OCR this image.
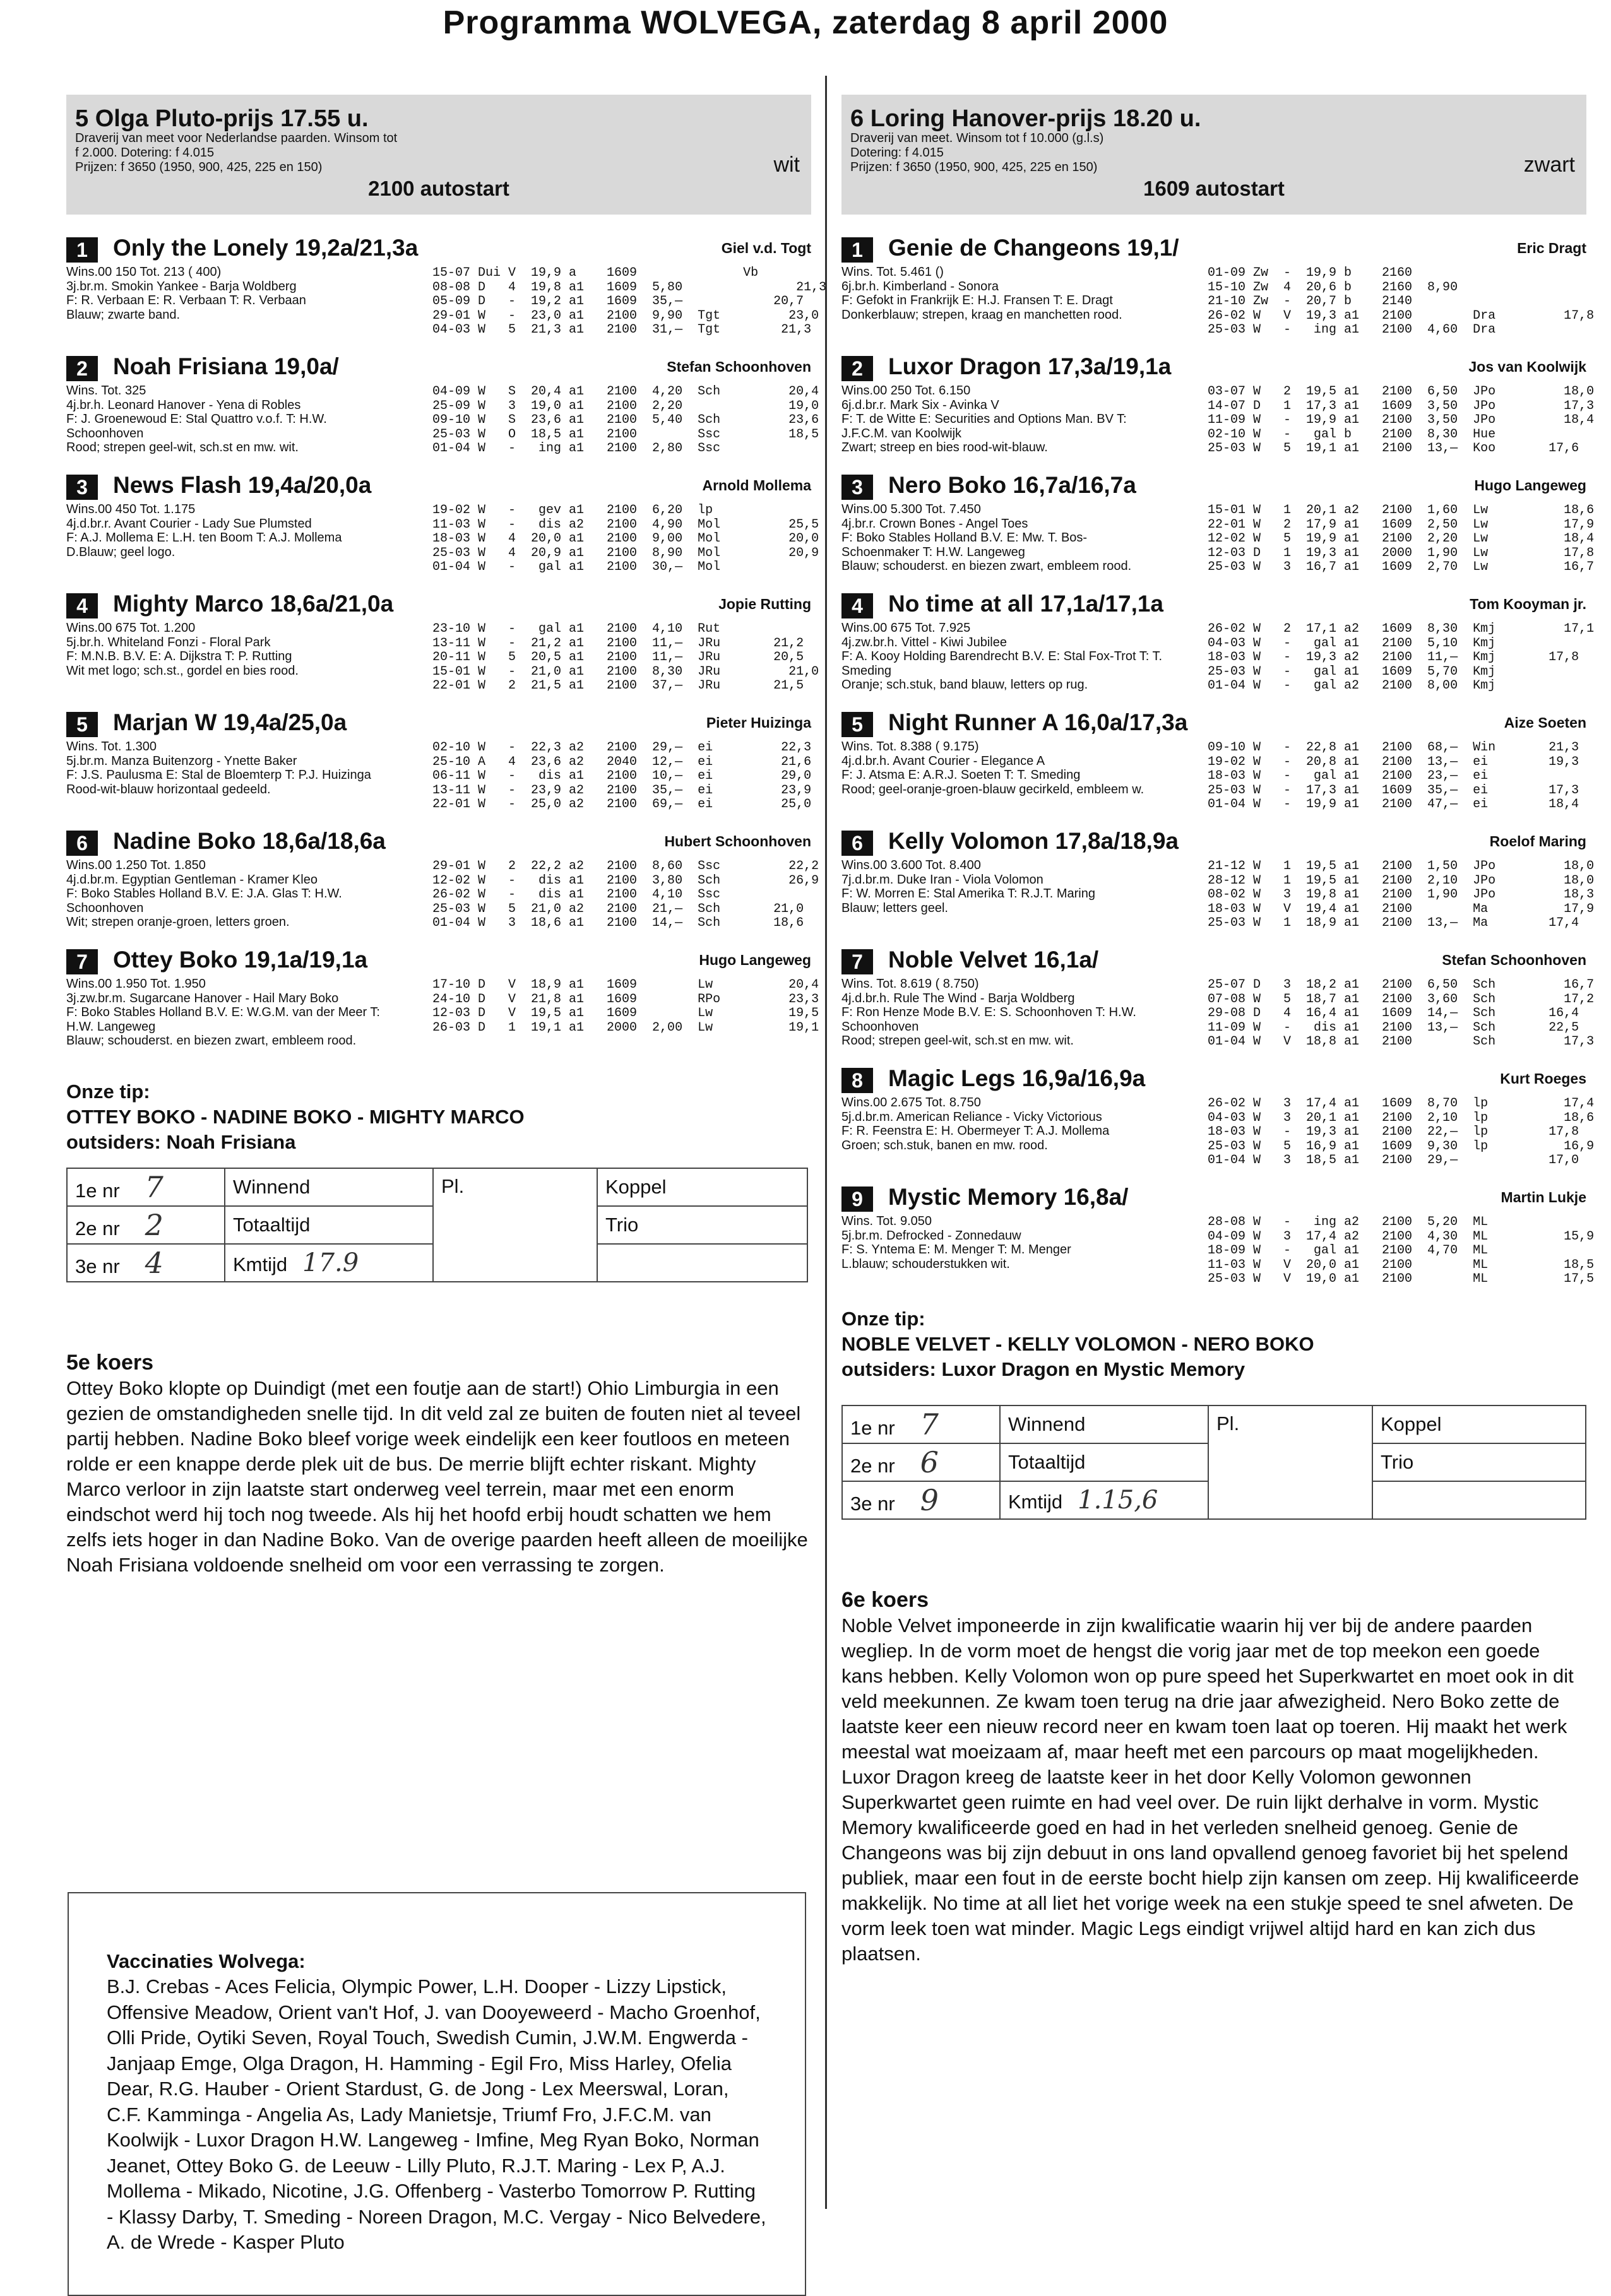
Programma WOLVEGA, zaterdag 8 april 2000
5 Olga Pluto-prijs 17.55 u.
Draverij van meet voor Nederlandse paarden. Winsom tot
f 2.000. Dotering: f 4.015
Prijzen: f 3650 (1950, 900, 425, 225 en 150)	wit
2100 autostart
1	Only the Lonely 19,2a/21,3a	Giel v.d. Togt
Wins.00 150 Tot. 213 ( 400)
3j.br.m. Smokin Yankee - Barja Woldberg
F: R. Verbaan E: R. Verbaan T: R. Verbaan
Blauw; zwarte band.
15-07 Dui V  19,9 a    1609              Vb
08-08 D   4  19,8 a1   1609  5,80               21,3
05-09 D   -  19,2 a1   1609  35,—            20,7
29-01 W   -  23,0 a1   2100  9,90  Tgt         23,0
04-03 W   5  21,3 a1   2100  31,—  Tgt        21,3
2	Noah Frisiana 19,0a/	Stefan Schoonhoven
Wins. Tot. 325
4j.br.h. Leonard Hanover - Yena di Robles
F: J. Groenewoud E: Stal Quattro v.o.f. T: H.W.
Schoonhoven
Rood; strepen geel-wit, sch.st en mw. wit.
04-09 W   S  20,4 a1   2100  4,20  Sch         20,4
25-09 W   3  19,0 a1   2100  2,20              19,0
09-10 W   S  23,6 a1   2100  5,40  Sch         23,6
25-03 W   O  18,5 a1   2100        Ssc         18,5
01-04 W   -   ing a1   2100  2,80  Ssc
3	News Flash 19,4a/20,0a	Arnold Mollema
Wins.00 450 Tot. 1.175
4j.d.br.r. Avant Courier - Lady Sue Plumsted
F: A.J. Mollema E: L.H. ten Boom T: A.J. Mollema
D.Blauw; geel logo.
19-02 W   -   gev a1   2100  6,20  lp
11-03 W   -   dis a2   2100  4,90  Mol         25,5
18-03 W   4  20,0 a1   2100  9,00  Mol         20,0
25-03 W   4  20,9 a1   2100  8,90  Mol         20,9
01-04 W   -   gal a1   2100  30,—  Mol
4	Mighty Marco 18,6a/21,0a	Jopie Rutting
Wins.00 675 Tot. 1.200
5j.br.h. Whiteland Fonzi - Floral Park
F: M.N.B. B.V. E: A. Dijkstra T: P. Rutting
Wit met logo; sch.st., gordel en bies rood.
23-10 W   -   gal a1   2100  4,10  Rut
13-11 W   -  21,2 a1   2100  11,—  JRu       21,2
20-11 W   5  20,5 a1   2100  11,—  JRu       20,5
15-01 W   -  21,0 a1   2100  8,30  JRu         21,0
22-01 W   2  21,5 a1   2100  37,—  JRu       21,5
5	Marjan W 19,4a/25,0a	Pieter Huizinga
Wins. Tot. 1.300
5j.br.m. Manza Buitenzorg - Ynette Baker
F: J.S. Paulusma E: Stal de Bloemterp T: P.J. Huizinga
Rood-wit-blauw horizontaal gedeeld.
02-10 W   -  22,3 a2   2100  29,—  ei         22,3
25-10 A   4  23,6 a2   2040  12,—  ei         21,6
06-11 W   -   dis a1   2100  10,—  ei         29,0
13-11 W   -  23,9 a2   2100  35,—  ei         23,9
22-01 W   -  25,0 a2   2100  69,—  ei         25,0
6	Nadine Boko 18,6a/18,6a	Hubert Schoonhoven
Wins.00 1.250 Tot. 1.850
4j.d.br.m. Egyptian Gentleman - Kramer Kleo
F: Boko Stables Holland B.V. E: J.A. Glas T: H.W.
Schoonhoven
Wit; strepen oranje-groen, letters groen.
29-01 W   2  22,2 a2   2100  8,60  Ssc         22,2
12-02 W   -   dis a1   2100  3,80  Sch         26,9
26-02 W   -   dis a1   2100  4,10  Ssc
25-03 W   5  21,0 a2   2100  21,—  Sch       21,0
01-04 W   3  18,6 a1   2100  14,—  Sch       18,6
7	Ottey Boko 19,1a/19,1a	Hugo Langeweg
Wins.00 1.950 Tot. 1.950
3j.zw.br.m. Sugarcane Hanover - Hail Mary Boko
F: Boko Stables Holland B.V. E: W.G.M. van der Meer T:
H.W. Langeweg
Blauw; schouderst. en biezen zwart, embleem rood.
17-10 D   V  18,9 a1   1609        Lw          20,4
24-10 D   V  21,8 a1   1609        RPo         23,3
12-03 D   V  19,5 a1   1609        Lw          19,5
26-03 D   1  19,1 a1   2000  2,00  Lw          19,1
Onze tip:
OTTEY BOKO - NADINE BOKO - MIGHTY MARCO
outsiders: Noah Frisiana
1e nr 7	Winnend	Pl.	Koppel
2e nr 2	Totaaltijd		Trio
3e nr 4	Kmtijd 17.9		
5e koers

Ottey Boko klopte op Duindigt (met een foutje aan de start!) Ohio Limburgia in een gezien de omstandigheden snelle tijd. In dit veld zal ze buiten de fouten niet al teveel partij hebben. Nadine Boko bleef vorige week eindelijk een keer foutloos en meteen rolde er een knappe derde plek uit de bus. De merrie blijft echter riskant. Mighty Marco verloor in zijn laatste start onderweg veel terrein, maar met een enorm eindschot werd hij toch nog tweede. Als hij het hoofd erbij houdt schatten we hem zelfs iets hoger in dan Nadine Boko. Van de overige paarden heeft alleen de moeilijke Noah Frisiana voldoende snelheid om voor een verrassing te zorgen.

Vaccinaties Wolvega:

B.J. Crebas - Aces Felicia, Olympic Power, L.H. Dooper - Lizzy Lipstick, Offensive Meadow, Orient van't Hof, J. van Dooyeweerd - Macho Groenhof, Olli Pride, Oytiki Seven, Royal Touch, Swedish Cumin, J.W.M. Engwerda - Janjaap Emge, Olga Dragon, H. Hamming - Egil Fro, Miss Harley, Ofelia Dear, R.G. Hauber - Orient Stardust, G. de Jong - Lex Meerswal, Loran, C.F. Kamminga - Angelia As, Lady Manietsje, Triumf Fro, J.F.C.M. van Koolwijk - Luxor Dragon H.W. Langeweg - Imfine, Meg Ryan Boko, Norman Jeanet, Ottey Boko G. de Leeuw - Lilly Pluto, R.J.T. Maring - Lex P, A.J. Mollema - Mikado, Nicotine, J.G. Offenberg - Vasterbo Tomorrow P. Rutting - Klassy Darby, T. Smeding - Noreen Dragon, M.C. Vergay - Nico Belvedere, A. de Wrede - Kasper Pluto

6 Loring Hanover-prijs 18.20 u.
Draverij van meet. Winsom tot f 10.000 (g.l.s)
Dotering: f 4.015
Prijzen: f 3650 (1950, 900, 425, 225 en 150)	zwart
1609 autostart
1	Genie de Changeons 19,1/	Eric Dragt
Wins. Tot. 5.461 ()
6j.br.h. Kimberland - Sonora
F: Gefokt in Frankrijk E: H.J. Fransen T: E. Dragt
Donkerblauw; strepen, kraag en manchetten rood.
01-09 Zw  -  19,9 b    2160
15-10 Zw  4  20,6 b    2160  8,90
21-10 Zw  -  20,7 b    2140
26-02 W   V  19,3 a1   2100        Dra         17,8
25-03 W   -   ing a1   2100  4,60  Dra
2	Luxor Dragon 17,3a/19,1a	Jos van Koolwijk
Wins.00 250 Tot. 6.150
6j.d.br.r. Mark Six - Avinka V
F: T. de Witte E: Securities and Options Man. BV T:
J.F.C.M. van Koolwijk
Zwart; streep en bies rood-wit-blauw.
03-07 W   2  19,5 a1   2100  6,50  JPo         18,0
14-07 D   1  17,3 a1   1609  3,50  JPo         17,3
11-09 W   -  19,9 a1   2100  3,50  JPo         18,4
02-10 W   -   gal b    2100  8,30  Hue
25-03 W   5  19,1 a1   2100  13,—  Koo       17,6
3	Nero Boko 16,7a/16,7a	Hugo Langeweg
Wins.00 5.300 Tot. 7.450
4j.br.r. Crown Bones - Angel Toes
F: Boko Stables Holland B.V. E: Mw. T. Bos-
Schoenmaker T: H.W. Langeweg
Blauw; schouderst. en biezen zwart, embleem rood.
15-01 W   1  20,1 a2   2100  1,60  Lw          18,6
22-01 W   2  17,9 a1   1609  2,50  Lw          17,9
12-02 W   5  19,9 a1   2100  2,20  Lw          18,4
12-03 D   1  19,3 a1   2000  1,90  Lw          17,8
25-03 W   3  16,7 a1   1609  2,70  Lw          16,7
4	No time at all 17,1a/17,1a	Tom Kooyman jr.
Wins.00 675 Tot. 7.925
4j.zw.br.h. Vittel - Kiwi Jubilee
F: A. Kooy Holding Barendrecht B.V. E: Stal Fox-Trot T: T.
Smeding
Oranje; sch.stuk, band blauw, letters op rug.
26-02 W   2  17,1 a2   1609  8,30  Kmj         17,1
04-03 W   -   gal a1   2100  5,10  Kmj
18-03 W   -  19,3 a2   2100  11,—  Kmj       17,8
25-03 W   -   gal a1   1609  5,70  Kmj
01-04 W   -   gal a2   2100  8,00  Kmj
5	Night Runner A 16,0a/17,3a	Aize Soeten
Wins. Tot. 8.388 ( 9.175)
4j.d.br.h. Avant Courier - Elegance A
F: J. Atsma E: A.R.J. Soeten T: T. Smeding
Rood; geel-oranje-groen-blauw gecirkeld, embleem w.
09-10 W   -  22,8 a1   2100  68,—  Win       21,3
19-02 W   -  20,8 a1   2100  13,—  ei        19,3
18-03 W   -   gal a1   2100  23,—  ei
25-03 W   -  17,3 a1   1609  35,—  ei        17,3
01-04 W   -  19,9 a1   2100  47,—  ei        18,4
6	Kelly Volomon 17,8a/18,9a	Roelof Maring
Wins.00 3.600 Tot. 8.400
7j.d.br.m. Duke Iran - Viola Volomon
F: W. Morren E: Stal Amerika T: R.J.T. Maring
Blauw; letters geel.
21-12 W   1  19,5 a1   2100  1,50  JPo         18,0
28-12 W   1  19,5 a1   2100  2,10  JPo         18,0
08-02 W   3  19,8 a1   2100  1,90  JPo         18,3
18-03 W   V  19,4 a1   2100        Ma          17,9
25-03 W   1  18,9 a1   2100  13,—  Ma        17,4
7	Noble Velvet 16,1a/	Stefan Schoonhoven
Wins. Tot. 8.619 ( 8.750)
4j.d.br.h. Rule The Wind - Barja Woldberg
F: Ron Henze Mode B.V. E: S. Schoonhoven T: H.W.
Schoonhoven
Rood; strepen geel-wit, sch.st en mw. wit.
25-07 D   3  18,2 a1   2100  6,50  Sch         16,7
07-08 W   5  18,7 a1   2100  3,60  Sch         17,2
29-08 D   4  16,4 a1   1609  14,—  Sch       16,4
11-09 W   -   dis a1   2100  13,—  Sch       22,5
01-04 W   V  18,8 a1   2100        Sch         17,3
8	Magic Legs 16,9a/16,9a	Kurt Roeges
Wins.00 2.675 Tot. 8.750
5j.d.br.m. American Reliance - Vicky Victorious
F: R. Feenstra E: H. Obermeyer T: A.J. Mollema
Groen; sch.stuk, banen en mw. rood.
26-02 W   3  17,4 a1   1609  8,70  lp          17,4
04-03 W   3  20,1 a1   2100  2,10  lp          18,6
18-03 W   -  19,3 a1   2100  22,—  lp        17,8
25-03 W   5  16,9 a1   1609  9,30  lp          16,9
01-04 W   3  18,5 a1   2100  29,—            17,0
9	Mystic Memory 16,8a/	Martin Lukje
Wins. Tot. 9.050
5j.br.m. Defrocked - Zonnedauw
F: S. Yntema E: M. Menger T: M. Menger
L.blauw; schouderstukken wit.
28-08 W   -   ing a2   2100  5,20  ML
04-09 W   3  17,4 a2   2100  4,30  ML          15,9
18-09 W   -   gal a1   2100  4,70  ML
11-03 W   V  20,0 a1   2100        ML          18,5
25-03 W   V  19,0 a1   2100        ML          17,5
Onze tip:
NOBLE VELVET - KELLY VOLOMON - NERO BOKO
outsiders: Luxor Dragon en Mystic Memory
1e nr 7	Winnend	Pl.	Koppel
2e nr 6	Totaaltijd		Trio
3e nr 9	Kmtijd 1.15,6		
6e koers

Noble Velvet imponeerde in zijn kwalificatie waarin hij ver bij de andere paarden wegliep. In de vorm moet de hengst die vorig jaar met de top meekon een goede kans hebben. Kelly Volomon won op pure speed het Superkwartet en moet ook in dit veld meekunnen. Ze kwam toen terug na drie jaar afwezigheid. Nero Boko zette de laatste keer een nieuw record neer en kwam toen laat op toeren. Hij maakt het werk meestal wat moeizaam af, maar heeft met een parcours op maat mogelijkheden. Luxor Dragon kreeg de laatste keer in het door Kelly Volomon gewonnen Superkwartet geen ruimte en had veel over. De ruin lijkt derhalve in vorm. Mystic Memory kwalificeerde goed en had in het verleden snelheid genoeg. Genie de Changeons was bij zijn debuut in ons land opvallend genoeg favoriet bij het spelend publiek, maar een fout in de eerste bocht hielp zijn kansen om zeep. Hij kwalificeerde makkelijk. No time at all liet het vorige week na een stukje speed te snel afweten. De vorm leek toen wat minder. Magic Legs eindigt vrijwel altijd hard en kan zich dus plaatsen.
